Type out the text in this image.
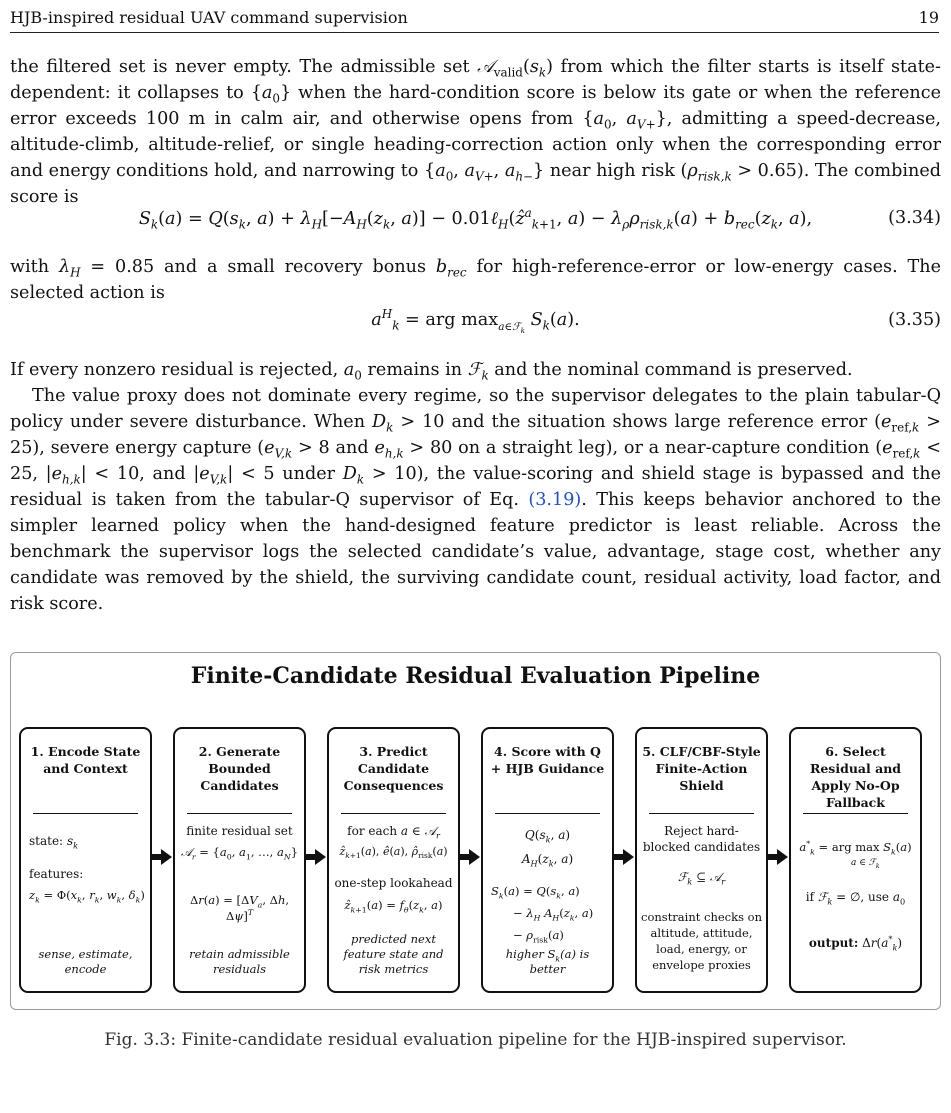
HJB-inspired residual UAV command supervision	19

the filtered set is never empty. The admissible set $𝒜_{valid}(s_k)$ from which the filter starts is itself state-dependent: it collapses to $\{a_0\}$ when the hard-condition score is below its gate or when the reference error exceeds 100 m in calm air, and otherwise opens from {$a_0$, $a_{V+}$}, admitting a speed-decrease, altitude-climb, altitude-relief, or single heading-correction action only when the corresponding error and energy conditions hold, and narrowing to {$a_0$, $a_{V+}$, $a_{h-}$} near high risk $(\rho_{risk,k} > 0.65)$. The combined score is

$S_k(a) = Q(s_k$, $a) + \lambda_H[-A_H(z_k$, a)] − 0.01ℓ$_H$(ẑ$^a_{k+1}$, $a) - \lambda_\rho\rho_{risk,k}(a) + b_{rec}(z_k$, a),	(3.34)

with $\lambda_H = 0.85$ and a small recovery bonus $b_{rec}$ for high-reference-error or low-energy cases. The selected action is

$a^H_k$ = arg $\max_{a\in ℱ_k} S_k(a)$.	(3.35)

If every nonzero residual is rejected, $a_0$ remains in ℱ$_k$ and the nominal command is preserved.

The value proxy does not dominate every regime, so the supervisor delegates to the plain tabular-Q policy under severe disturbance. When $D_k > 10$ and the situation shows large reference error $(e_{ref,k} > 25)$, severe energy capture ($e_{V,k} > 8$ and $e_{h,k} > 80$ on a straight leg), or a near-capture condition ($e_{ref,k} < 25$, $|e_{h,k}| < 10$, and $|e_{V,k}| < 5$ under $D_k > 10$), the value-scoring and shield stage is bypassed and the residual is taken from the tabular-Q supervisor of Eq. (3.19). This keeps behavior anchored to the simpler learned policy when the hand-designed feature predictor is least reliable. Across the benchmark the supervisor logs the selected candidate’s value, advantage, stage cost, whether any candidate was removed by the shield, the surviving candidate count, residual activity, load factor, and risk score.

Finite-Candidate Residual Evaluation Pipeline
1. Encode State and Context
state: $s_k$
features:
$z_k = \Phi(x_k$, $r_k$, $w_k$, $\delta_k$)
sense, estimate, encode
2. Generate Bounded Candidates
finite residual set
𝒜$_r$ = {$a_0$, $a_1$, …, $a_N$}
$\Delta r(a) = [\Delta V_a$, Δh, Δψ]$^T$
retain admissible residuals
3. Predict Candidate Consequences
for each a ∈ 𝒜$_r$
ẑ$_{k+1}$(a), ê(a), $\rhô_{risk}(a)$
one-step lookahead
ẑ$_{k+1}$(a) = $f_\theta(z_k$, a)
predicted next feature state and risk metrics
4. Score with Q + HJB Guidance
$Q(s_k$, a)
$A_H(z_k$, a)
$S_k(a) = Q(s_k$, a)
− $\lambda_H$ $A_H(z_k$, a)
− $\rho_{risk}(a)$
higher $S_k(a)$ is better
5. CLF/CBF-Style Finite-Action Shield
Reject hard-blocked candidates
ℱ$_k$ ⊆ 𝒜$_r$
constraint checks on altitude, attitude, load, energy, or envelope proxies
6. Select Residual and Apply No-Op Fallback
$a^*_k$ = arg $\max S_k(a)$
a ∈ ℱ$_k$
if ℱ$_k$ = ∅, use $a_0$
output: $\Delta r(a^*_k)$
Fig. 3.3: Finite-candidate residual evaluation pipeline for the HJB-inspired supervisor.
